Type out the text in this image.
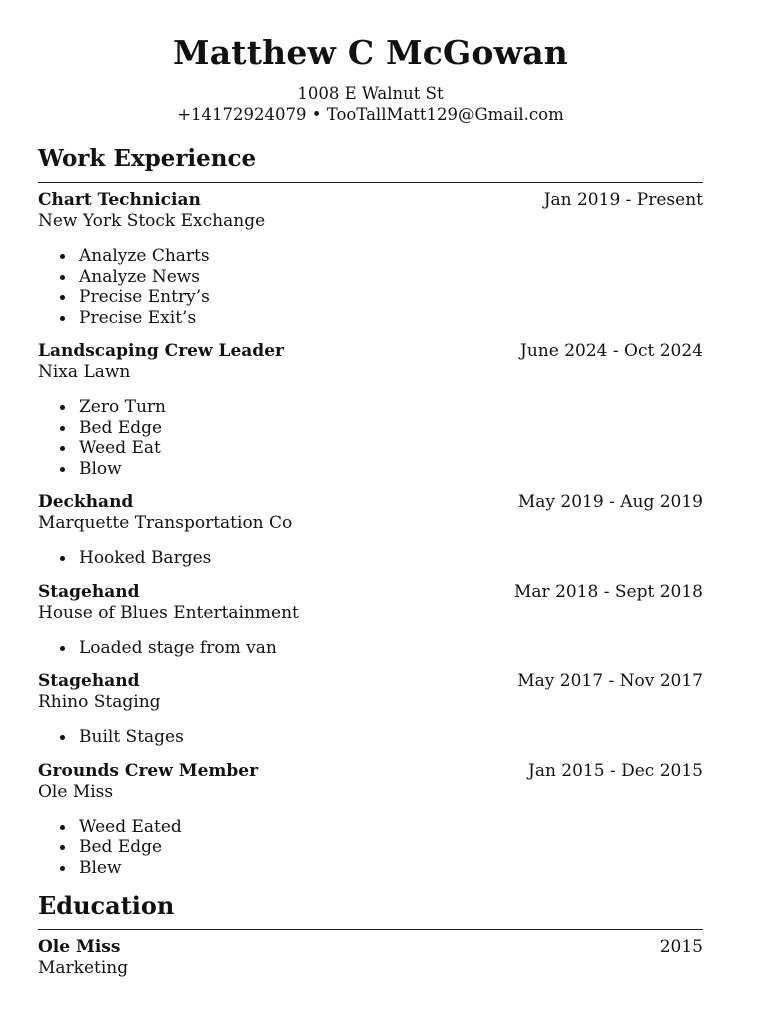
Matthew C McGowan
1008 E Walnut St
+14172924079 • TooTallMatt129@Gmail.com
Work Experience
Chart Technician	Jan 2019 - Present
New York Stock Exchange
Analyze Charts
Analyze News
Precise Entry’s
Precise Exit’s
Landscaping Crew Leader	June 2024 - Oct 2024
Nixa Lawn
Zero Turn
Bed Edge
Weed Eat
Blow
Deckhand	May 2019 - Aug 2019
Marquette Transportation Co
Hooked Barges
Stagehand	Mar 2018 - Sept 2018
House of Blues Entertainment
Loaded stage from van
Stagehand	May 2017 - Nov 2017
Rhino Staging
Built Stages
Grounds Crew Member	Jan 2015 - Dec 2015
Ole Miss
Weed Eated
Bed Edge
Blew
Education
Ole Miss	2015
Marketing
